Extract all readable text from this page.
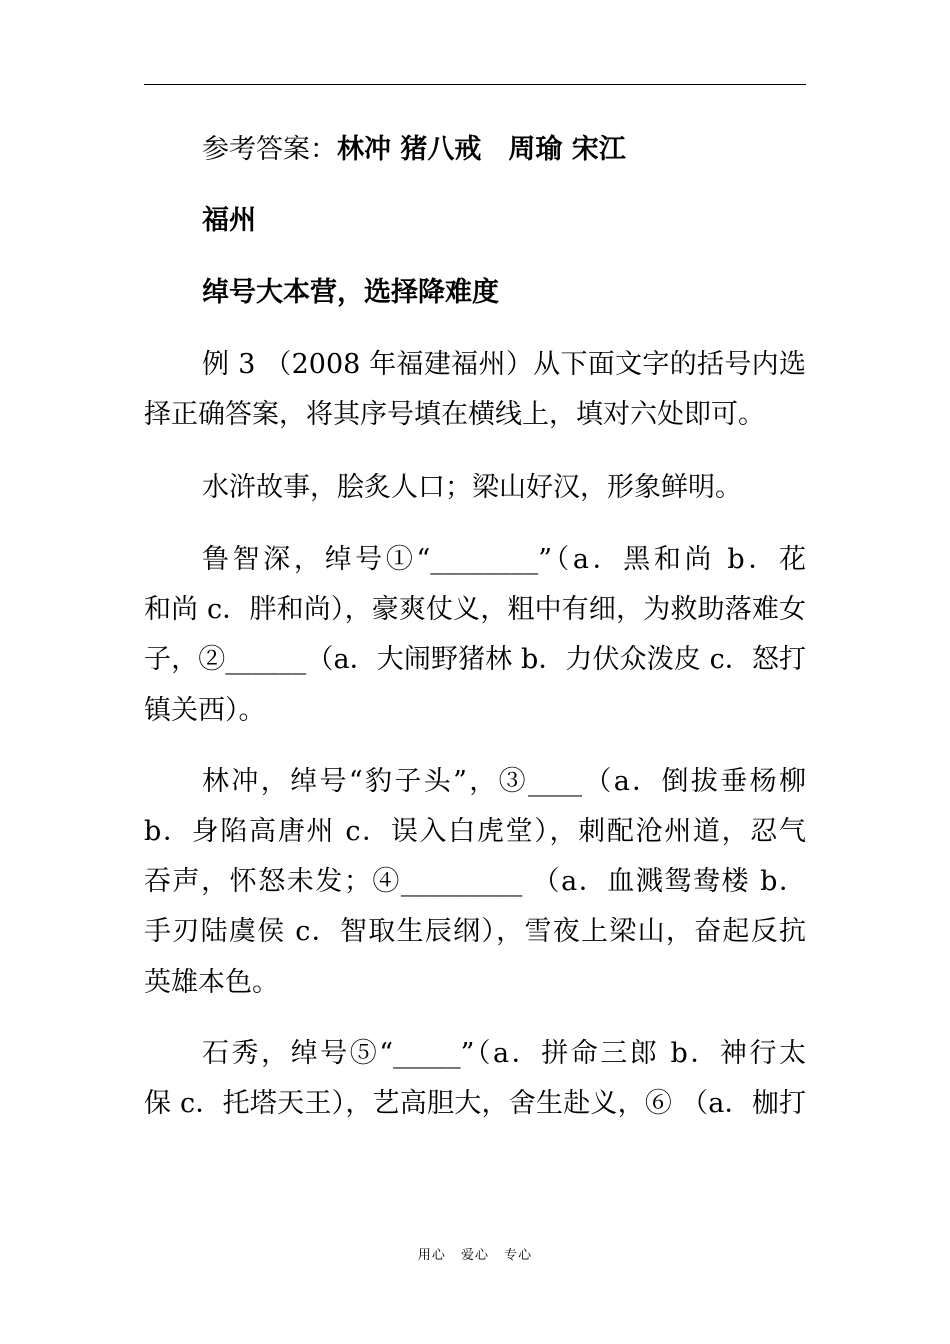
参考答案：林冲 猪八戒　周瑜 宋江
福州
绰号大本营，选择降难度
例 3 （2008 年福建福州）从下面文字的括号内选
择正确答案，将其序号填在横线上，填对六处即可。
水浒故事，脍炙人口；梁山好汉，形象鲜明。
鲁智深，绰号①“________”（a．黑和尚 b．花
和尚 c．胖和尚），豪爽仗义，粗中有细，为救助落难女
子，②______（a．大闹野猪林 b．力伏众泼皮 c．怒打
镇关西）。
林冲，绰号“豹子头”，③____（a．倒拔垂杨柳
b．身陷高唐州 c．误入白虎堂），刺配沧州道，忍气
吞声，怀怒未发；④_________ （a．血溅鸳鸯楼 b．
手刃陆虞侯 c．智取生辰纲），雪夜上梁山，奋起反抗
英雄本色。
石秀，绰号⑤“_____”（a．拼命三郎 b．神行太
保 c．托塔天王），艺高胆大，舍生赴义，⑥ （a．枷打
用心 爱心 专心
